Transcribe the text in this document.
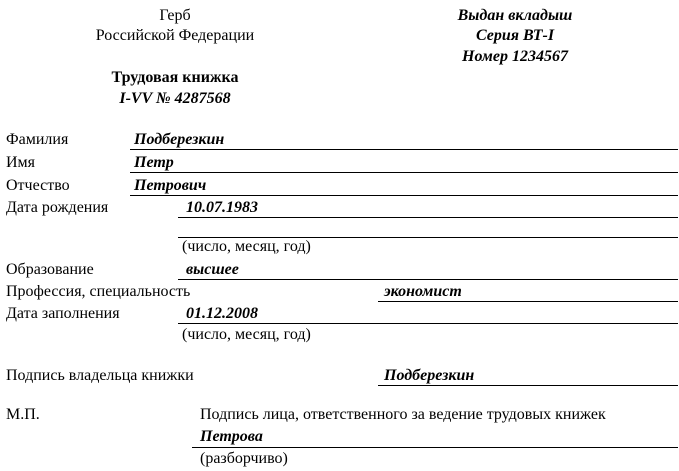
Герб
Российской Федерации
Выдан вкладыш
Серия ВТ-I
Номер 1234567
Трудовая книжка
I-VV № 4287568
Фамилия	Подберезкин
Имя	Петр
Отчество	Петрович
Дата рождения	10.07.1983
(число, месяц, год)
Образование	высшее
Профессия, специальность	экономист
Дата заполнения	01.12.2008
(число, месяц, год)
Подпись владельца книжки	Подберезкин
М.П.	Подпись лица, ответственного за ведение трудовых книжек
Петрова
(разборчиво)
